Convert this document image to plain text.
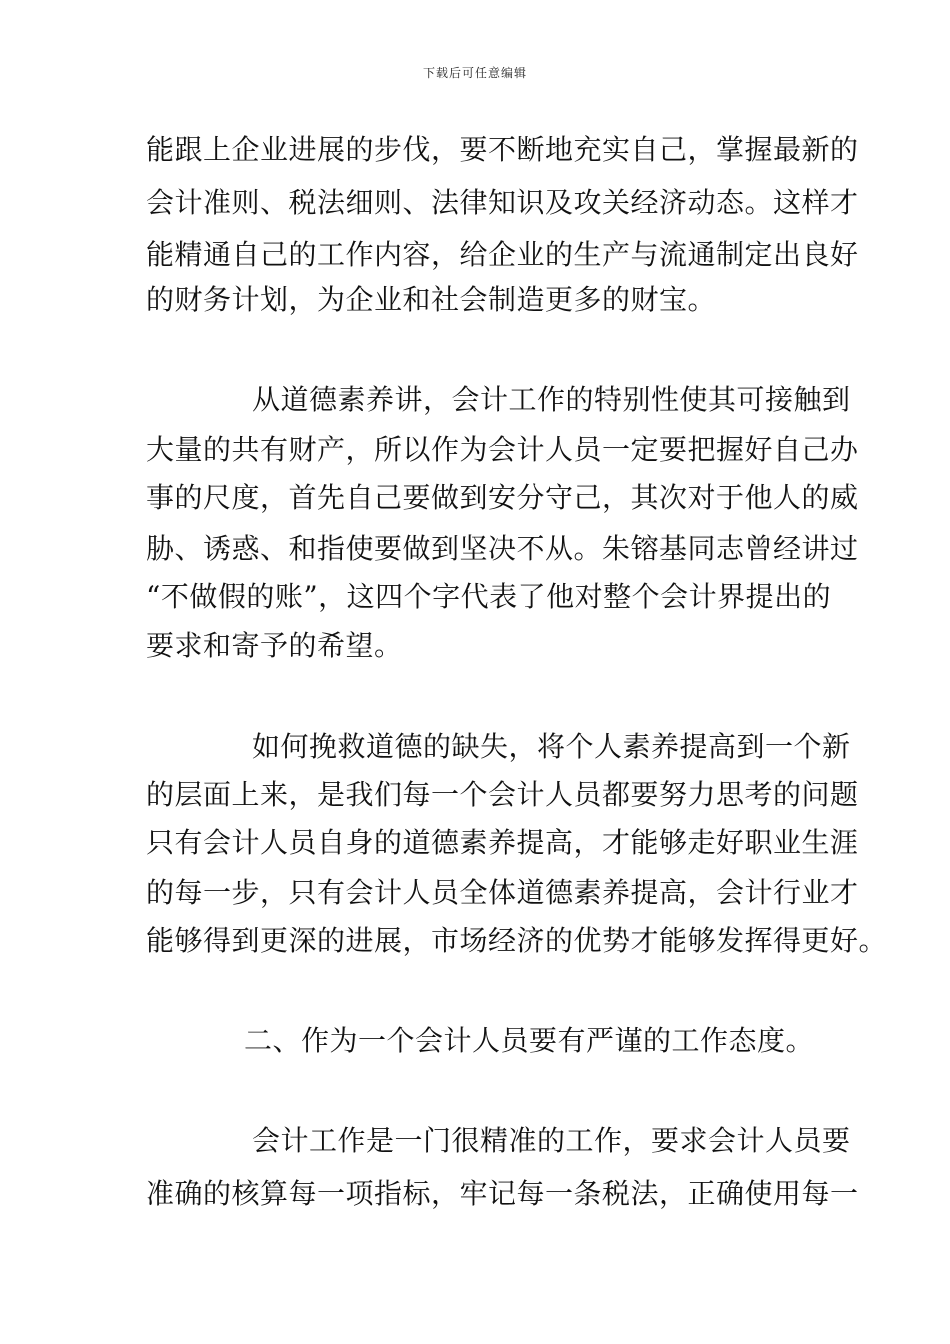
下载后可任意编辑
能跟上企业进展的步伐，要不断地充实自己，掌握最新的
会计准则、税法细则、法律知识及攻关经济动态。这样才
能精通自己的工作内容，给企业的生产与流通制定出良好
的财务计划，为企业和社会制造更多的财宝。
从道德素养讲，会计工作的特别性使其可接触到
大量的共有财产，所以作为会计人员一定要把握好自己办
事的尺度，首先自己要做到安分守己，其次对于他人的威
胁、诱惑、和指使要做到坚决不从。朱镕基同志曾经讲过
“不做假的账”，这四个字代表了他对整个会计界提出的
要求和寄予的希望。
如何挽救道德的缺失，将个人素养提高到一个新
的层面上来，是我们每一个会计人员都要努力思考的问题
只有会计人员自身的道德素养提高，才能够走好职业生涯
的每一步，只有会计人员全体道德素养提高，会计行业才
能够得到更深的进展，市场经济的优势才能够发挥得更好。
二、作为一个会计人员要有严谨的工作态度。
会计工作是一门很精准的工作，要求会计人员要
准确的核算每一项指标，牢记每一条税法，正确使用每一
